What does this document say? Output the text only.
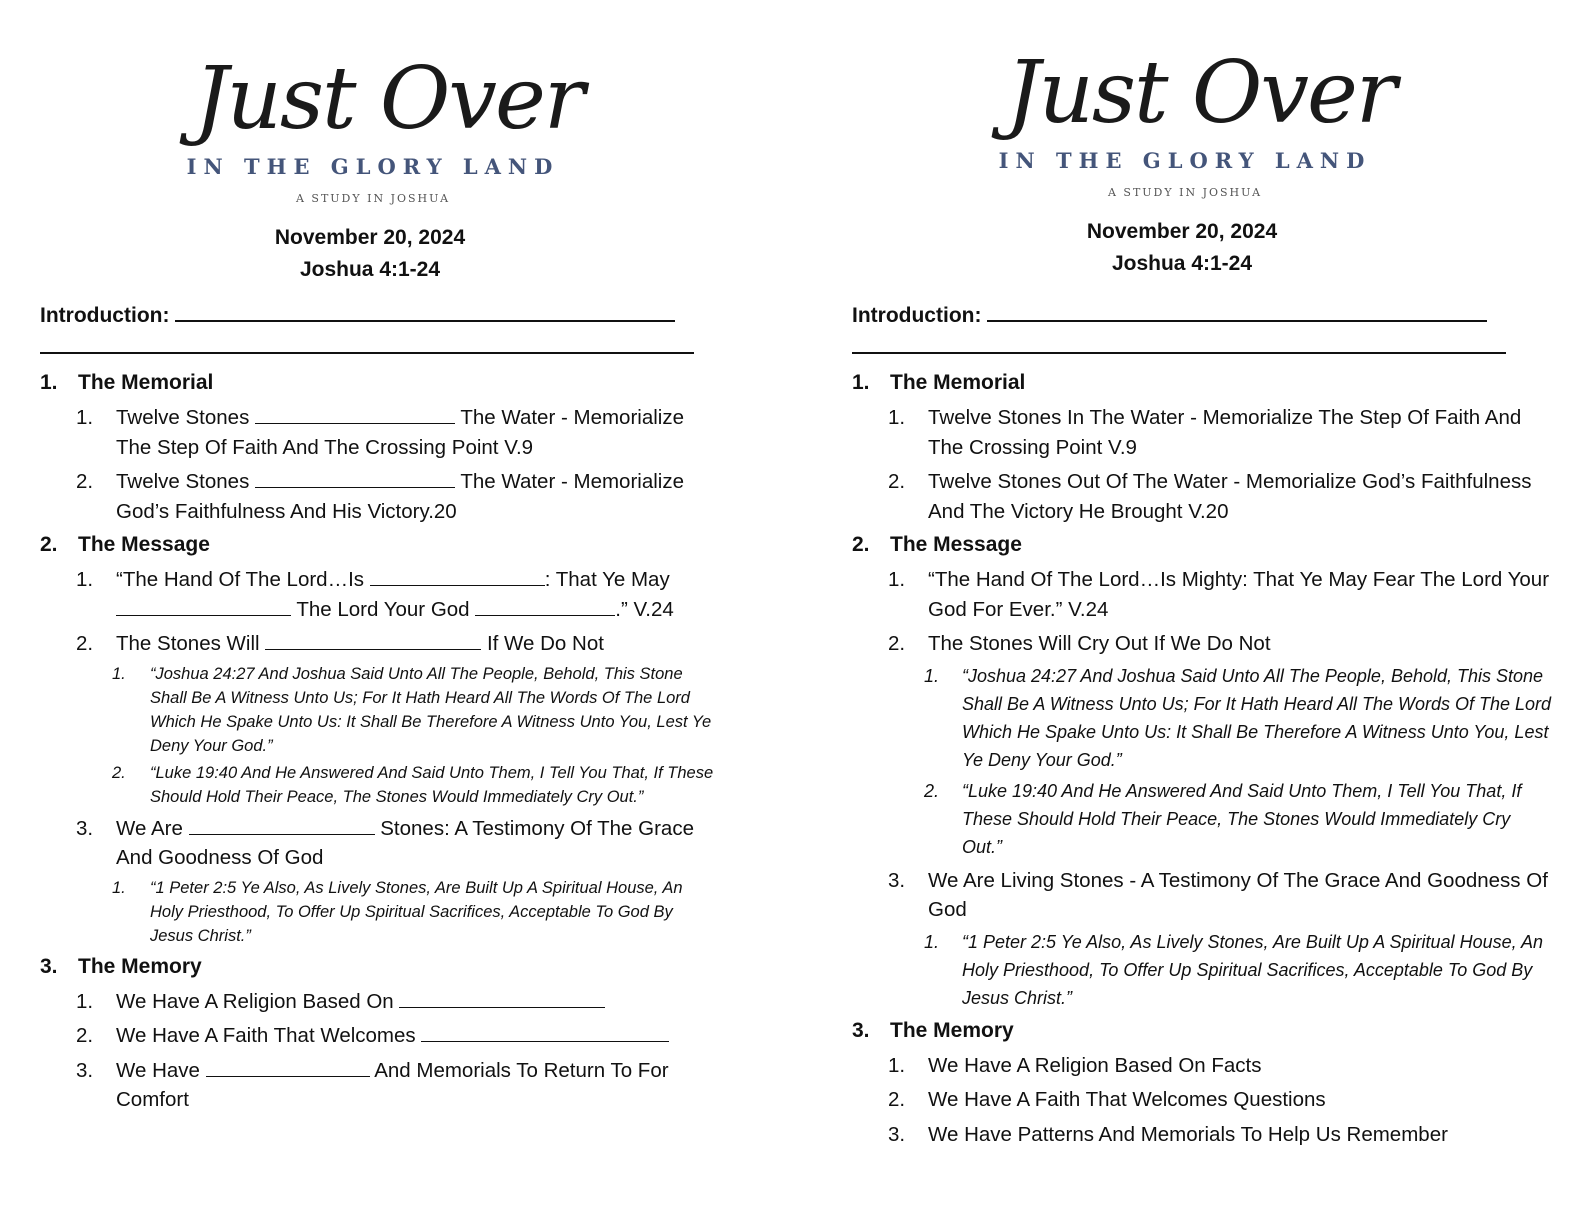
Just Over
IN THE GLORY LAND
A STUDY IN JOSHUA
November 20, 2024
Joshua 4:1-24
Introduction:
1. The Memorial
1.	Twelve Stones	The Water - Memorialize The Step Of Faith And The Crossing Point V.9
2.	Twelve Stones	The Water - Memorialize God’s Faithfulness And His Victory.20
2. The Message
1.	“The Hand Of The Lord…Is	: That Ye May  The Lord Your God	.” V.24
2.	The Stones Will	If We Do Not
1.	“Joshua 24:27 And Joshua Said Unto All The People, Behold, This Stone Shall Be A Witness Unto Us; For It Hath Heard All The Words Of The Lord Which He Spake Unto Us: It Shall Be Therefore A Witness Unto You, Lest Ye Deny Your God.”
2.	“Luke 19:40 And He Answered And Said Unto Them, I Tell You That, If These Should Hold Their Peace, The Stones Would Immediately Cry Out.”
3.	We Are	Stones: A Testimony Of The Grace And Goodness Of God
1.	“1 Peter 2:5 Ye Also, As Lively Stones, Are Built Up A Spiritual House, An Holy Priesthood, To Offer Up Spiritual Sacrifices, Acceptable To God By Jesus Christ.”
3. The Memory
1.	We Have A Religion Based On
2.	We Have A Faith That Welcomes
3.	We Have	And Memorials To Return To For Comfort
Just Over
IN THE GLORY LAND
A STUDY IN JOSHUA
November 20, 2024
Joshua 4:1-24
Introduction:
1. The Memorial
1.	Twelve Stones In The Water - Memorialize The Step Of Faith And The Crossing Point V.9
2.	Twelve Stones Out Of The Water - Memorialize God’s Faithfulness And The Victory He Brought V.20
2. The Message
1.	“The Hand Of The Lord…Is Mighty: That Ye May Fear The Lord Your God For Ever.” V.24
2.	The Stones Will Cry Out If We Do Not
1.	“Joshua 24:27 And Joshua Said Unto All The People, Behold, This Stone Shall Be A Witness Unto Us; For It Hath Heard All The Words Of The Lord Which He Spake Unto Us: It Shall Be Therefore A Witness Unto You, Lest Ye Deny Your God.”
2.	“Luke 19:40 And He Answered And Said Unto Them, I Tell You That, If These Should Hold Their Peace, The Stones Would Immediately Cry Out.”
3.	We Are Living Stones - A Testimony Of The Grace And Goodness Of God
1.	“1 Peter 2:5 Ye Also, As Lively Stones, Are Built Up A Spiritual House, An Holy Priesthood, To Offer Up Spiritual Sacrifices, Acceptable To God By Jesus Christ.”
3. The Memory
1.	We Have A Religion Based On Facts
2.	We Have A Faith That Welcomes Questions
3.	We Have Patterns And Memorials To Help Us Remember
